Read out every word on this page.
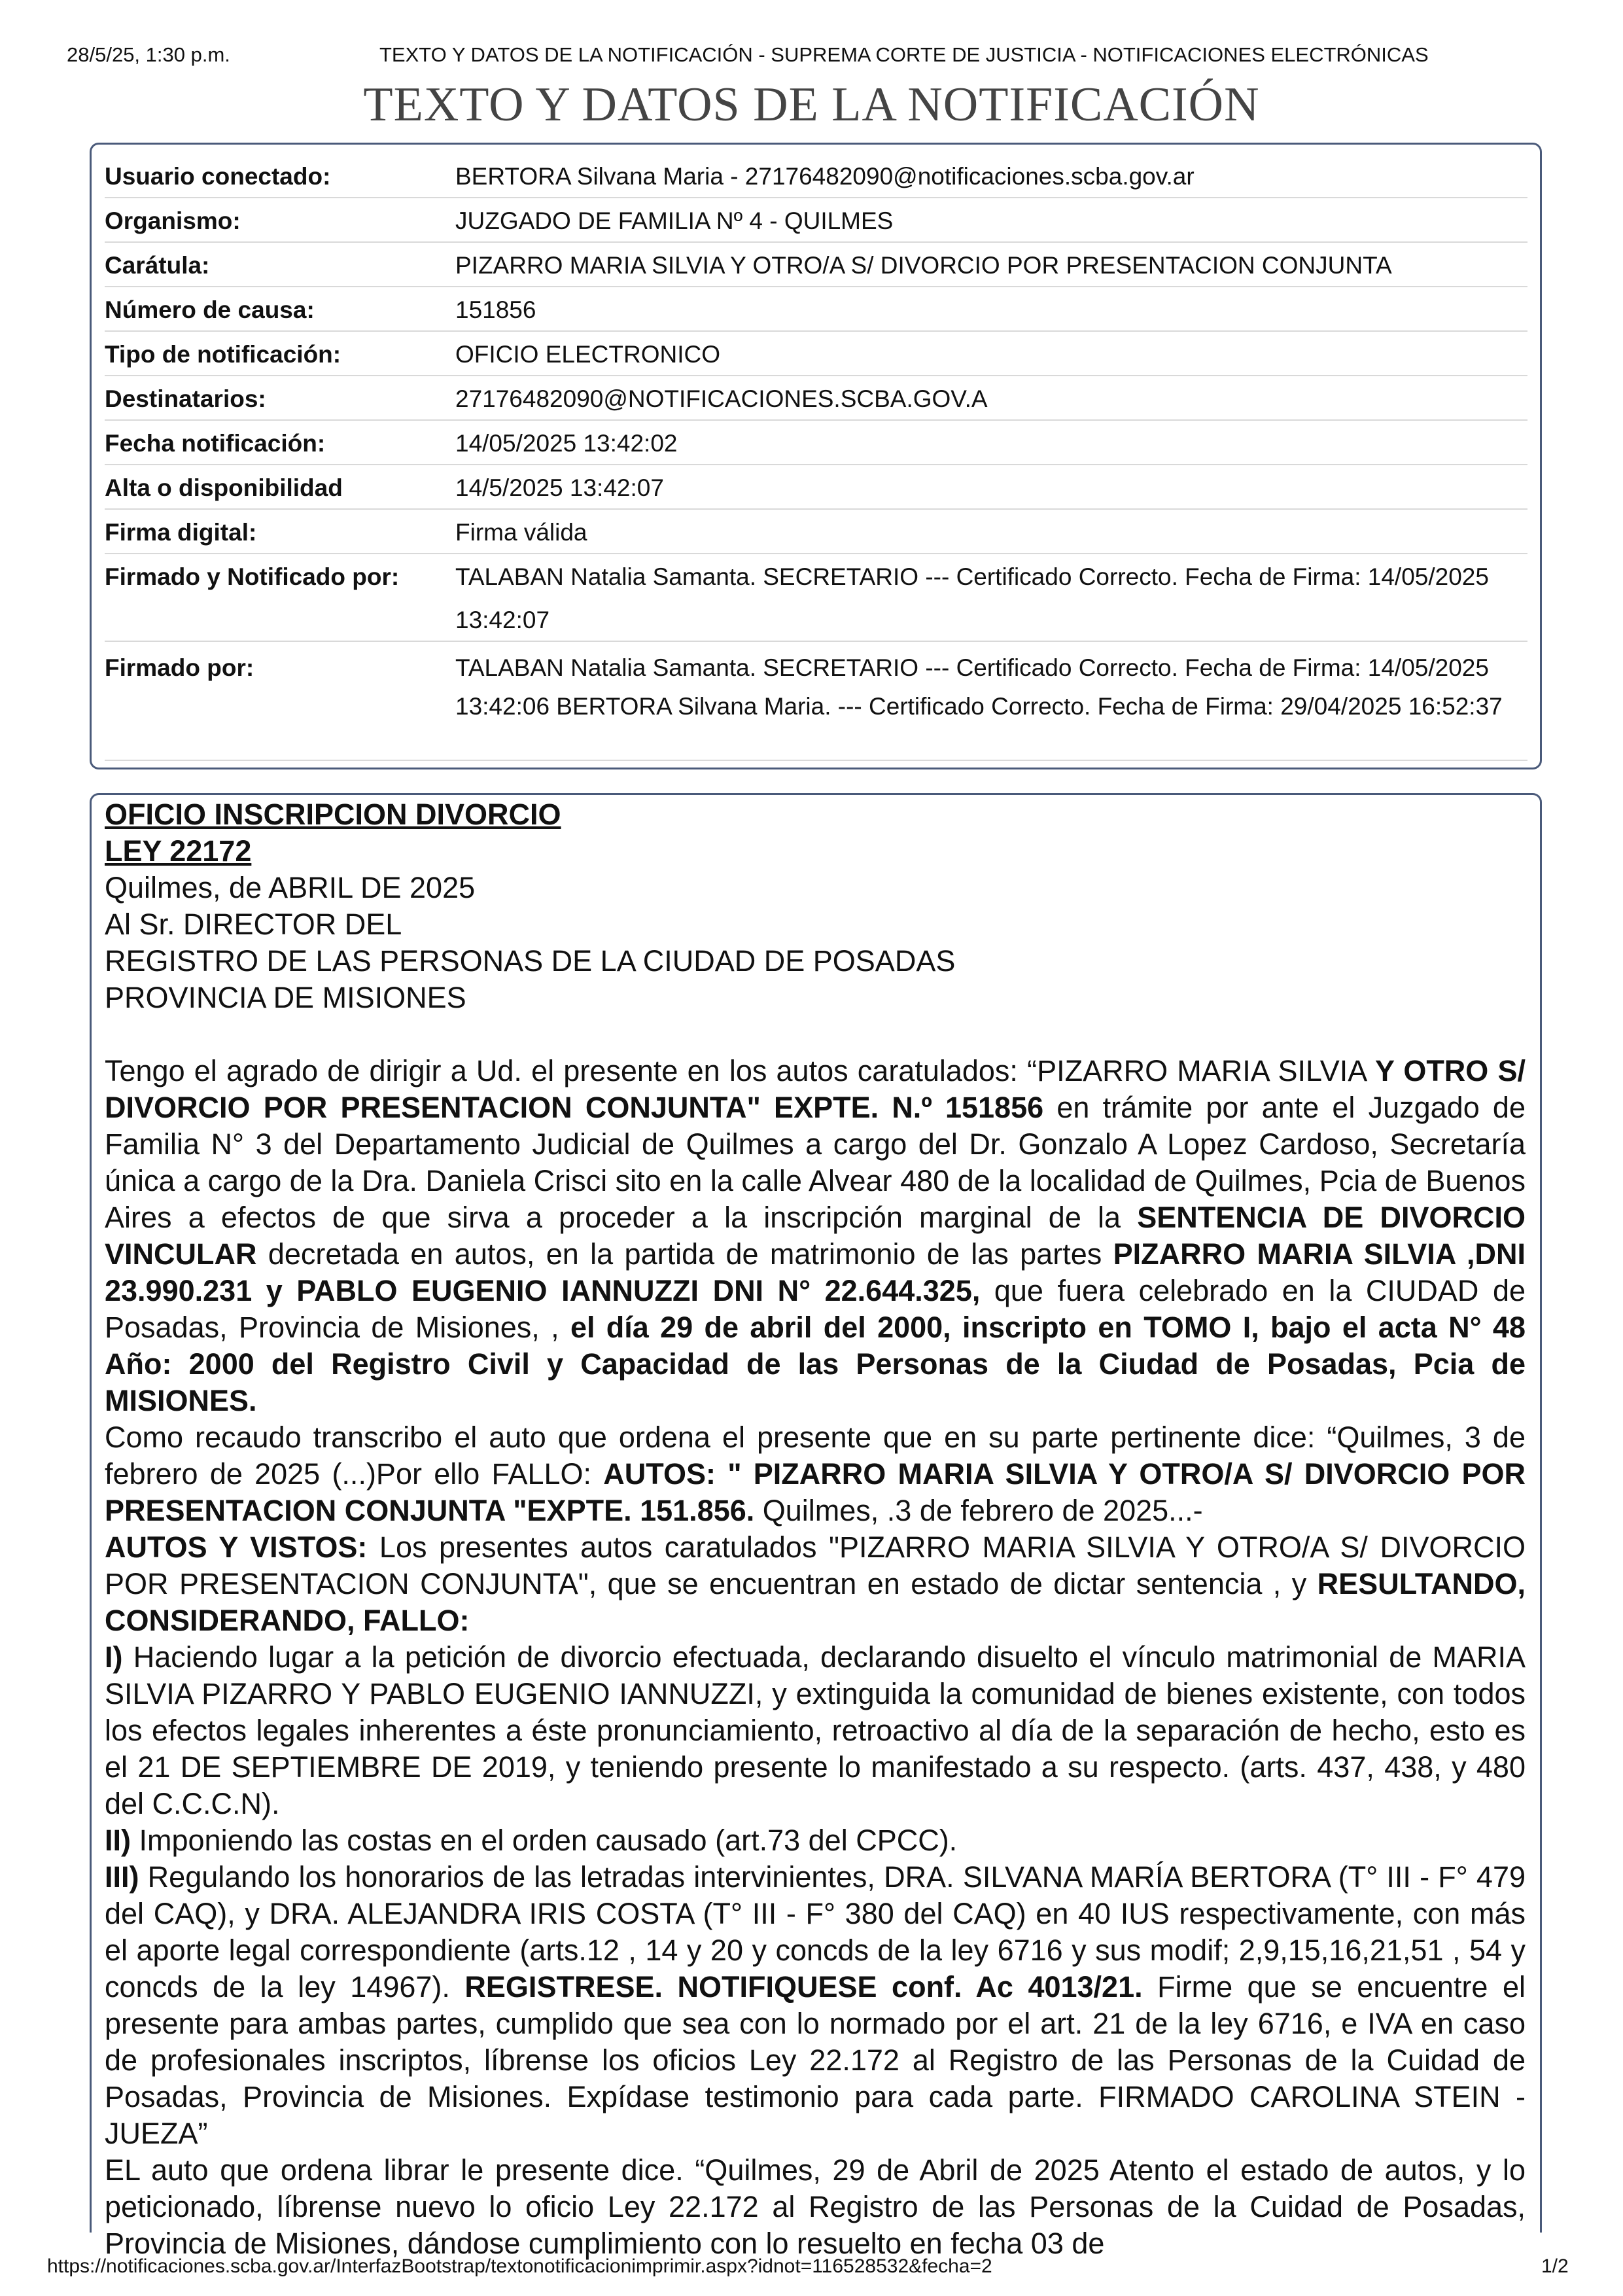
28/5/25, 1:30 p.m.	TEXTO Y DATOS DE LA NOTIFICACIÓN - SUPREMA CORTE DE JUSTICIA - NOTIFICACIONES ELECTRÓNICAS
TEXTO Y DATOS DE LA NOTIFICACIÓN
Usuario conectado:	BERTORA Silvana Maria - 27176482090@notificaciones.scba.gov.ar
Organismo:	JUZGADO DE FAMILIA Nº 4 - QUILMES
Carátula:	PIZARRO MARIA SILVIA Y OTRO/A S/ DIVORCIO POR PRESENTACION CONJUNTA
Número de causa:	151856
Tipo de notificación:	OFICIO ELECTRONICO
Destinatarios:	27176482090@NOTIFICACIONES.SCBA.GOV.A
Fecha notificación:	14/05/2025 13:42:02
Alta o disponibilidad	14/5/2025 13:42:07
Firma digital:	Firma válida
Firmado y Notificado por:	TALABAN Natalia Samanta. SECRETARIO --- Certificado Correcto. Fecha de Firma: 14/05/2025 13:42:07
Firmado por:	TALABAN Natalia Samanta. SECRETARIO --- Certificado Correcto. Fecha de Firma: 14/05/2025 13:42:06 BERTORA Silvana Maria. --- Certificado Correcto. Fecha de Firma: 29/04/2025 16:52:37
OFICIO INSCRIPCION DIVORCIO
LEY 22172
Quilmes, de ABRIL DE 2025
Al Sr. DIRECTOR DEL
REGISTRO DE LAS PERSONAS DE LA CIUDAD DE POSADAS
PROVINCIA DE MISIONES

Tengo el agrado de dirigir a Ud. el presente en los autos caratulados: “PIZARRO MARIA SILVIA Y OTRO S/ DIVORCIO POR PRESENTACION CONJUNTA" EXPTE. N.º 151856 en trámite por ante el Juzgado de Familia N° 3 del Departamento Judicial de Quilmes a cargo del Dr. Gonzalo A Lopez Cardoso, Secretaría única a cargo de la Dra. Daniela Crisci sito en la calle Alvear 480 de la localidad de Quilmes, Pcia de Buenos Aires a efectos de que sirva a proceder a la inscripción marginal de la SENTENCIA DE DIVORCIO VINCULAR decretada en autos, en la partida de matrimonio de las partes PIZARRO MARIA SILVIA ,DNI 23.990.231 y PABLO EUGENIO IANNUZZI DNI N° 22.644.325, que fuera celebrado en la CIUDAD de Posadas, Provincia de Misiones, , el día 29 de abril del 2000, inscripto en TOMO I, bajo el acta N° 48 Año: 2000 del Registro Civil y Capacidad de las Personas de la Ciudad de Posadas, Pcia de MISIONES.

Como recaudo transcribo el auto que ordena el presente que en su parte pertinente dice: “Quilmes, 3 de febrero de 2025 (...)Por ello FALLO: AUTOS: " PIZARRO MARIA SILVIA Y OTRO/A S/ DIVORCIO POR PRESENTACION CONJUNTA "EXPTE. 151.856. Quilmes, .3 de febrero de 2025...-

AUTOS Y VISTOS: Los presentes autos caratulados "PIZARRO MARIA SILVIA Y OTRO/A S/ DIVORCIO POR PRESENTACION CONJUNTA", que se encuentran en estado de dictar sentencia , y RESULTANDO, CONSIDERANDO, FALLO:

I) Haciendo lugar a la petición de divorcio efectuada, declarando disuelto el vínculo matrimonial de MARIA SILVIA PIZARRO Y PABLO EUGENIO IANNUZZI, y extinguida la comunidad de bienes existente, con todos los efectos legales inherentes a éste pronunciamiento, retroactivo al día de la separación de hecho, esto es el 21 DE SEPTIEMBRE DE 2019, y teniendo presente lo manifestado a su respecto. (arts. 437, 438, y 480 del C.C.C.N).

II) Imponiendo las costas en el orden causado (art.73 del CPCC).

III) Regulando los honorarios de las letradas intervinientes, DRA. SILVANA MARÍA BERTORA (T° III - F° 479 del CAQ), y DRA. ALEJANDRA IRIS COSTA (T° III - F° 380 del CAQ) en 40 IUS respectivamente, con más el aporte legal correspondiente (arts.12 , 14 y 20 y concds de la ley 6716 y sus modif; 2,9,15,16,21,51 , 54 y concds de la ley 14967). REGISTRESE. NOTIFIQUESE conf. Ac 4013/21. Firme que se encuentre el presente para ambas partes, cumplido que sea con lo normado por el art. 21 de la ley 6716, e IVA en caso de profesionales inscriptos, líbrense los oficios Ley 22.172 al Registro de las Personas de la Cuidad de Posadas, Provincia de Misiones. Expídase testimonio para cada parte. FIRMADO CAROLINA STEIN - JUEZA”

EL auto que ordena librar le presente dice. “Quilmes, 29 de Abril de 2025 Atento el estado de autos, y lo peticionado, líbrense nuevo lo oficio Ley 22.172 al Registro de las Personas de la Cuidad de Posadas, Provincia de Misiones, dándose cumplimiento con lo resuelto en fecha 03 de

https://notificaciones.scba.gov.ar/InterfazBootstrap/textonotificacionimprimir.aspx?idnot=116528532&fecha=2	1/2
